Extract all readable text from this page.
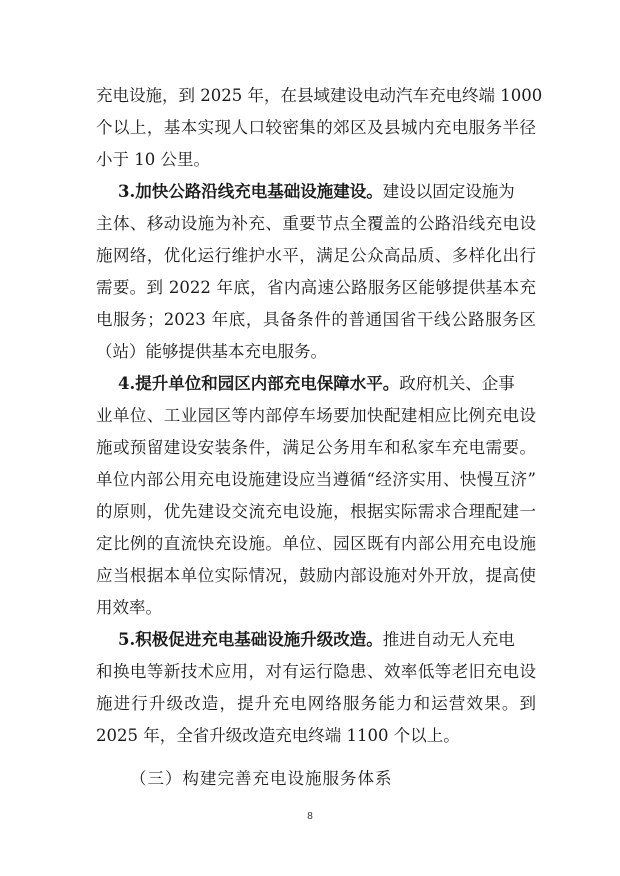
充电设施，到 2025 年，在县域建设电动汽车充电终端 1000
个以上，基本实现人口较密集的郊区及县城内充电服务半径
小于 10 公里。
3.加快公路沿线充电基础设施建设。建设以固定设施为
主体、移动设施为补充、重要节点全覆盖的公路沿线充电设
施网络，优化运行维护水平，满足公众高品质、多样化出行
需要。到 2022 年底，省内高速公路服务区能够提供基本充
电服务；2023 年底，具备条件的普通国省干线公路服务区
（站）能够提供基本充电服务。
4.提升单位和园区内部充电保障水平。政府机关、企事
业单位、工业园区等内部停车场要加快配建相应比例充电设
施或预留建设安装条件，满足公务用车和私家车充电需要。
单位内部公用充电设施建设应当遵循“经济实用、快慢互济”
的原则，优先建设交流充电设施，根据实际需求合理配建一
定比例的直流快充设施。单位、园区既有内部公用充电设施
应当根据本单位实际情况，鼓励内部设施对外开放，提高使
用效率。
5.积极促进充电基础设施升级改造。推进自动无人充电
和换电等新技术应用，对有运行隐患、效率低等老旧充电设
施进行升级改造，提升充电网络服务能力和运营效果。到
2025 年，全省升级改造充电终端 1100 个以上。
（三）构建完善充电设施服务体系
8
